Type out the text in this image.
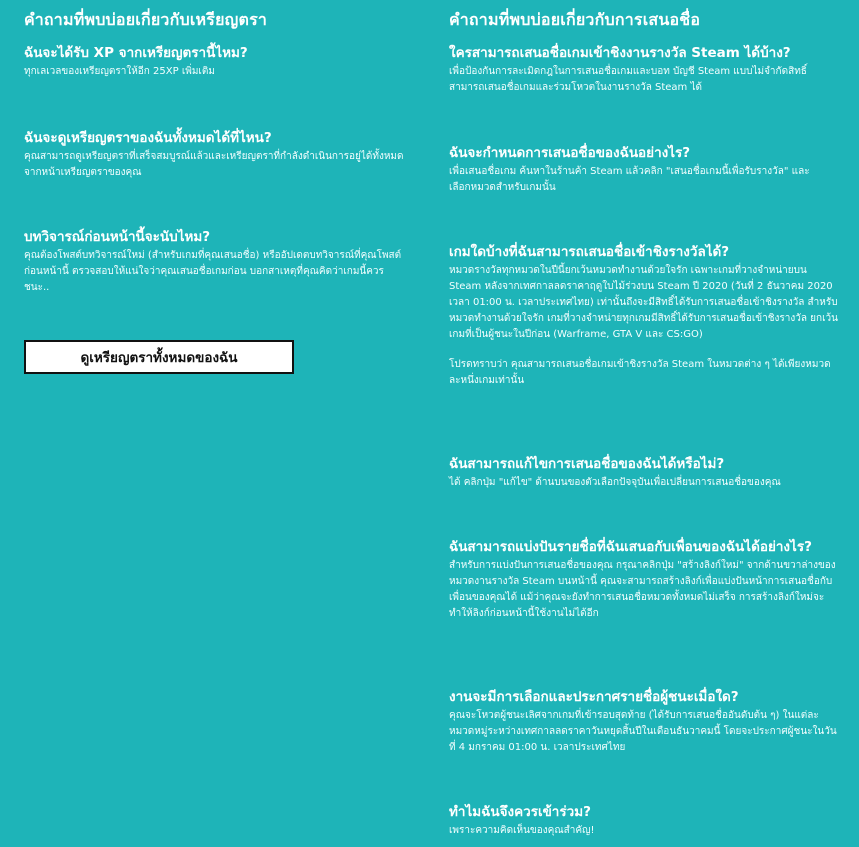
คำถามที่พบบ่อยเกี่ยวกับเหรียญตรา
ฉันจะได้รับ XP จากเหรียญตรานี้ไหม?

ทุกเลเวลของเหรียญตราให้อีก 25XP เพิ่มเติม

ฉันจะดูเหรียญตราของฉันทั้งหมดได้ที่ไหน?

คุณสามารถดูเหรียญตราที่เสร็จสมบูรณ์แล้วและเหรียญตราที่กำลังดำเนินการอยู่ได้ทั้งหมดจากหน้าเหรียญตราของคุณ

บทวิจารณ์ก่อนหน้านี้จะนับไหม?

คุณต้องโพสต์บทวิจารณ์ใหม่ (สำหรับเกมที่คุณเสนอชื่อ) หรืออัปเดตบทวิจารณ์ที่คุณโพสต์ก่อนหน้านี้ ตรวจสอบให้แน่ใจว่าคุณเสนอชื่อเกมก่อน บอกสาเหตุที่คุณคิดว่าเกมนี้ควรชนะ..

ดูเหรียญตราทั้งหมดของฉัน
คำถามที่พบบ่อยเกี่ยวกับการเสนอชื่อ
ใครสามารถเสนอชื่อเกมเข้าชิงงานรางวัล Steam ได้บ้าง?

เพื่อป้องกันการละเมิดกฎในการเสนอชื่อเกมและบอท บัญชี Steam แบบไม่จำกัดสิทธิ์สามารถเสนอชื่อเกมและร่วมโหวตในงานรางวัล Steam ได้

ฉันจะกำหนดการเสนอชื่อของฉันอย่างไร?

เพื่อเสนอชื่อเกม ค้นหาในร้านค้า Steam แล้วคลิก "เสนอชื่อเกมนี้เพื่อรับรางวัล" และเลือกหมวดสำหรับเกมนั้น

เกมใดบ้างที่ฉันสามารถเสนอชื่อเข้าชิงรางวัลได้?

หมวดรางวัลทุกหมวดในปีนี้ยกเว้นหมวดทำงานด้วยใจรัก เฉพาะเกมที่วางจำหน่ายบน Steam หลังจากเทศกาลลดราคาฤดูใบไม้ร่วงบน Steam ปี 2020 (วันที่ 2 ธันวาคม 2020 เวลา 01:00 น. เวลาประเทศไทย) เท่านั้นถึงจะมีสิทธิ์ได้รับการเสนอชื่อเข้าชิงรางวัล สำหรับหมวดทำงานด้วยใจรัก เกมที่วางจำหน่ายทุกเกมมีสิทธิ์ได้รับการเสนอชื่อเข้าชิงรางวัล ยกเว้นเกมที่เป็นผู้ชนะในปีก่อน (Warframe, GTA V และ CS:GO)

โปรดทราบว่า คุณสามารถเสนอชื่อเกมเข้าชิงรางวัล Steam ในหมวดต่าง ๆ ได้เพียงหมวดละหนึ่งเกมเท่านั้น

ฉันสามารถแก้ไขการเสนอชื่อของฉันได้หรือไม่?

ได้ คลิกปุ่ม "แก้ไข" ด้านบนของตัวเลือกปัจจุบันเพื่อเปลี่ยนการเสนอชื่อของคุณ

ฉันสามารถแบ่งปันรายชื่อที่ฉันเสนอกับเพื่อนของฉันได้อย่างไร?

สำหรับการแบ่งปันการเสนอชื่อของคุณ กรุณาคลิกปุ่ม "สร้างลิงก์ใหม่" จากด้านขวาล่างของหมวดงานรางวัล Steam บนหน้านี้ คุณจะสามารถสร้างลิงก์เพื่อแบ่งปันหน้าการเสนอชื่อกับเพื่อนของคุณได้ แม้ว่าคุณจะยังทำการเสนอชื่อหมวดทั้งหมดไม่เสร็จ การสร้างลิงก์ใหม่จะทำให้ลิงก์ก่อนหน้านี้ใช้งานไม่ได้อีก

งานจะมีการเลือกและประกาศรายชื่อผู้ชนะเมื่อใด?

คุณจะโหวตผู้ชนะเลิศจากเกมที่เข้ารอบสุดท้าย (ได้รับการเสนอชื่ออันดับต้น ๆ) ในแต่ละหมวดหมู่ระหว่างเทศกาลลดราคาวันหยุดสิ้นปีในเดือนธันวาคมนี้ โดยจะประกาศผู้ชนะในวันที่ 4 มกราคม 01:00 น. เวลาประเทศไทย

ทำไมฉันจึงควรเข้าร่วม?

เพราะความคิดเห็นของคุณสำคัญ!
